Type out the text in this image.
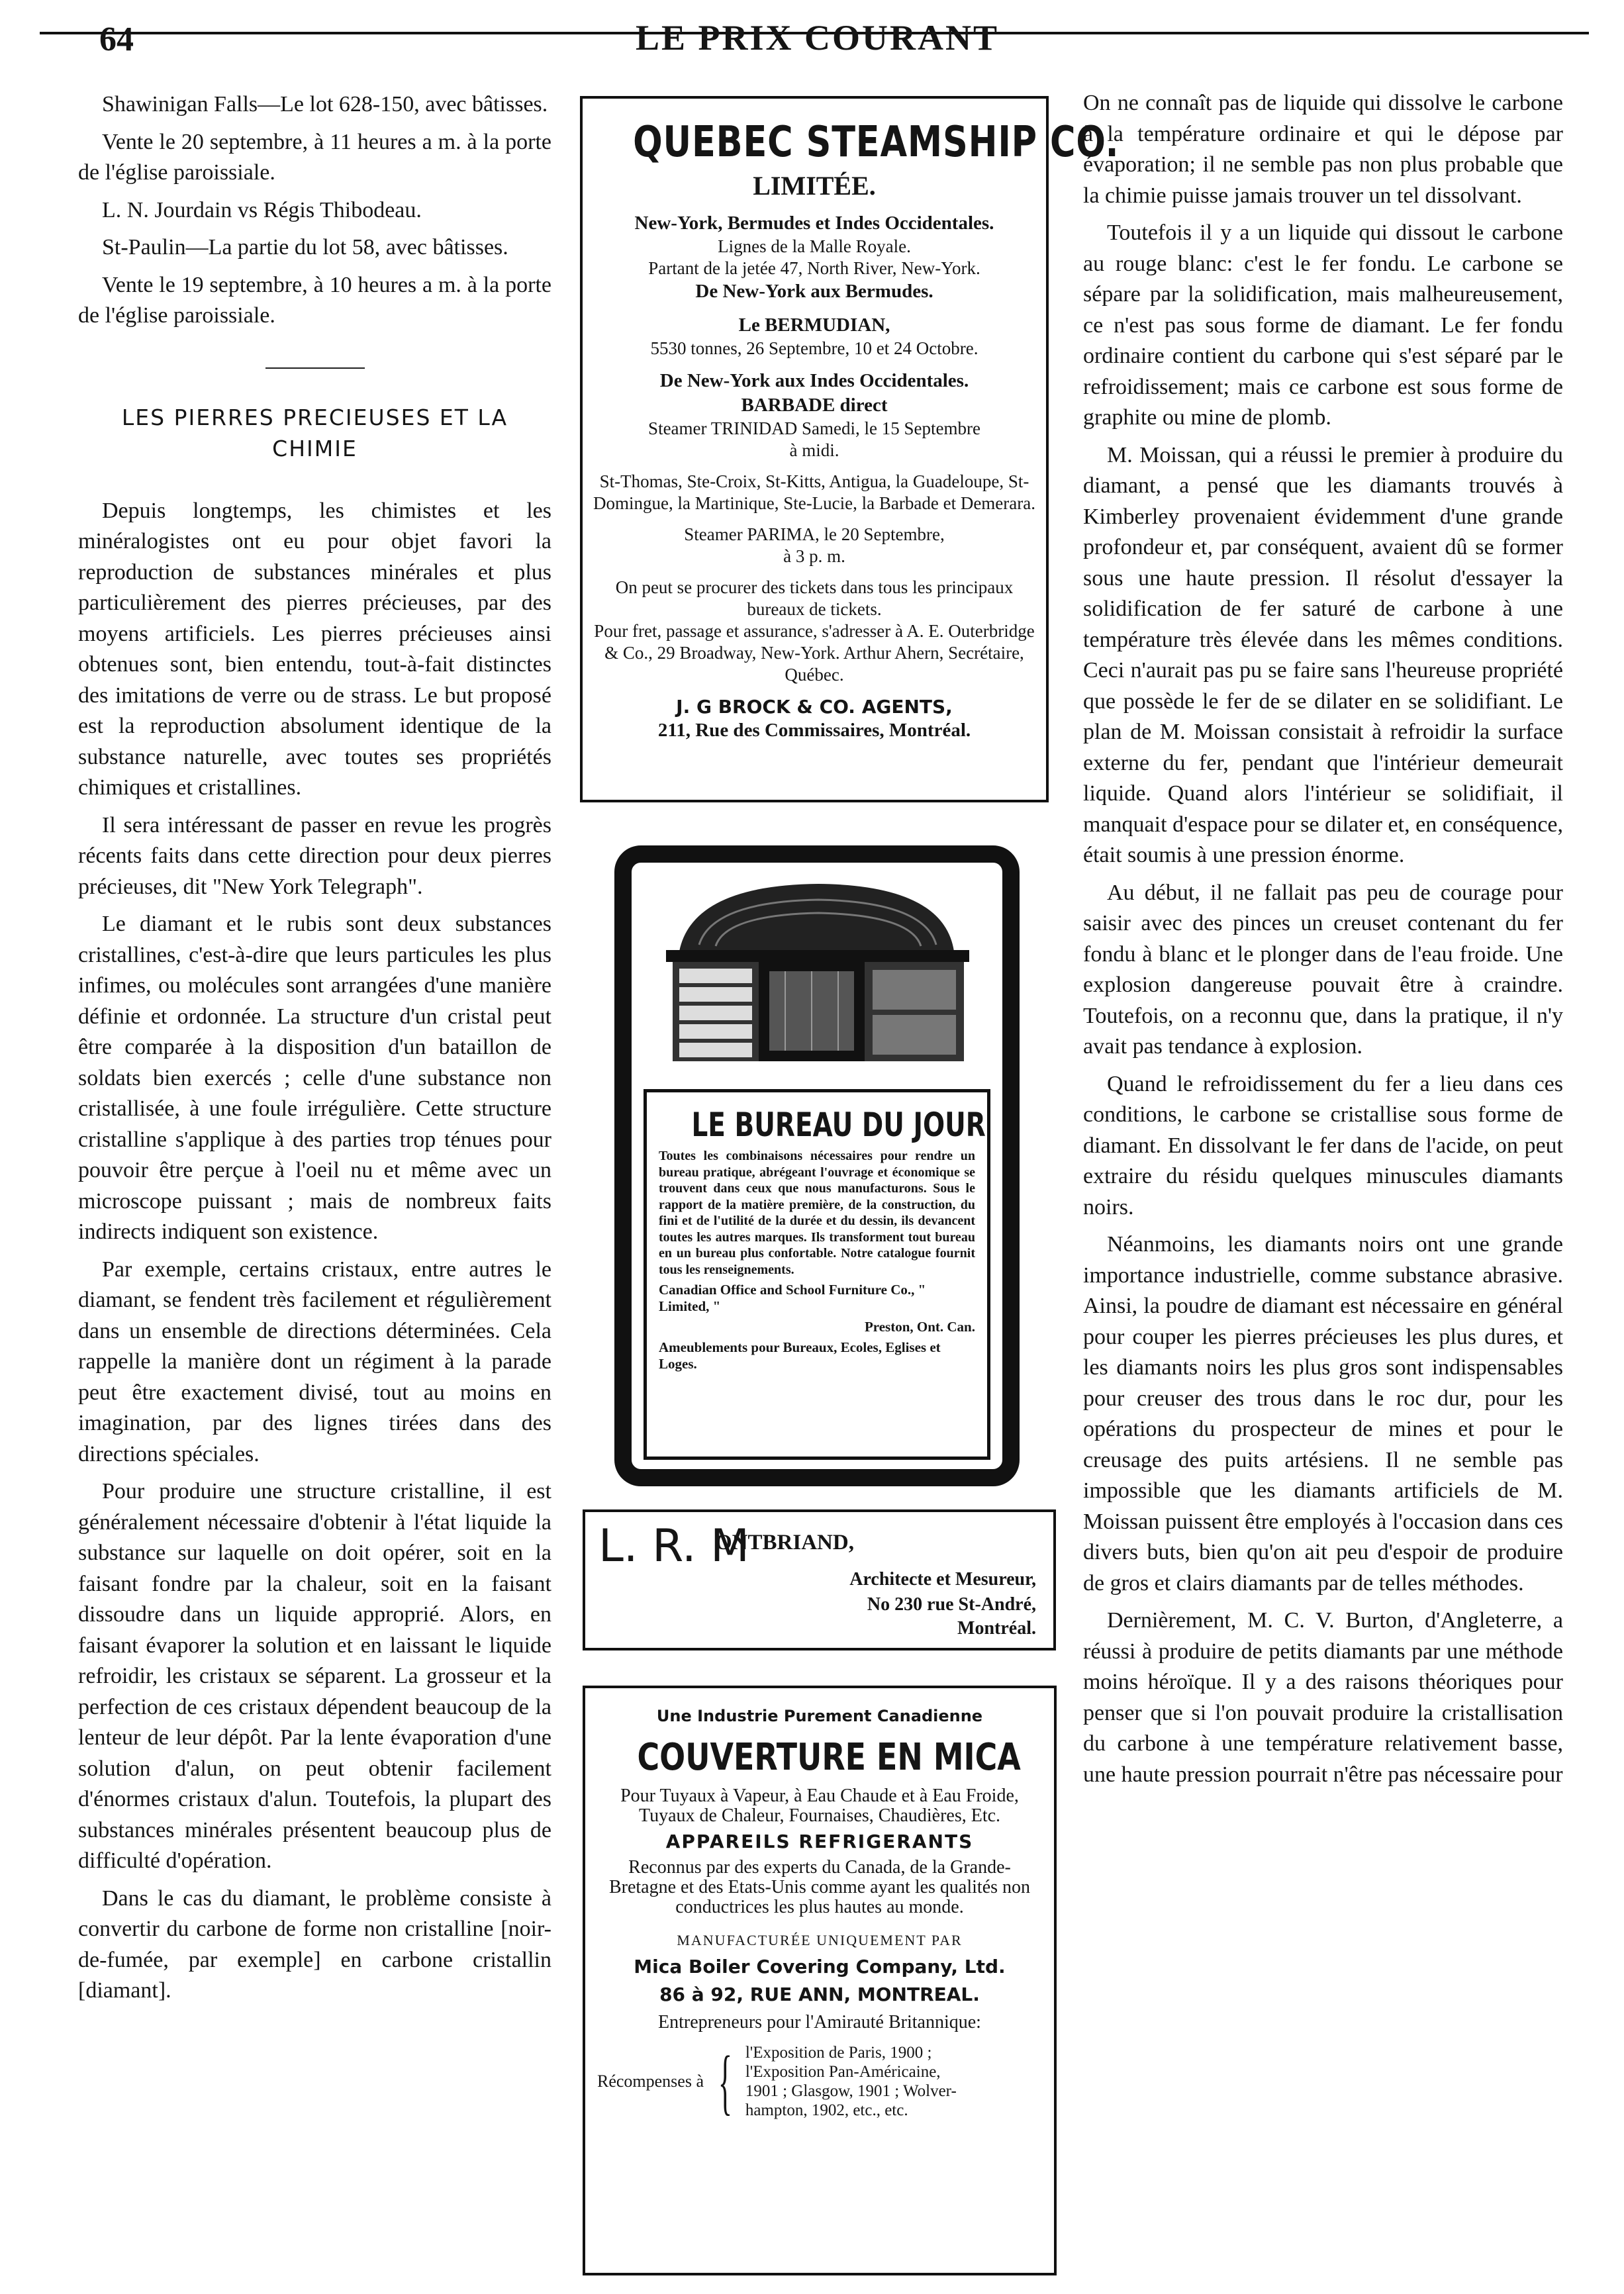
64	LE PRIX COURANT

Shawinigan Falls—Le lot 628-150, avec bâtisses.

Vente le 20 septembre, à 11 heures a m. à la porte de l'église paroissiale.

L. N. Jourdain vs Régis Thibodeau.

St-Paulin—La partie du lot 58, avec bâtisses.

Vente le 19 septembre, à 10 heures a m. à la porte de l'église paroissiale.

LES PIERRES PRECIEUSES ET LA CHIMIE

Depuis longtemps, les chimistes et les minéralogistes ont eu pour objet favori la reproduction de substances minérales et plus particulièrement des pierres précieuses, par des moyens artificiels. Les pierres précieuses ainsi obtenues sont, bien entendu, tout-à-fait distinctes des imitations de verre ou de strass. Le but proposé est la reproduction absolument identique de la substance naturelle, avec toutes ses propriétés chimiques et cristallines.

Il sera intéressant de passer en revue les progrès récents faits dans cette direction pour deux pierres précieuses, dit "New York Telegraph".

Le diamant et le rubis sont deux substances cristallines, c'est-à-dire que leurs particules les plus infimes, ou molécules sont arrangées d'une manière définie et ordonnée. La structure d'un cristal peut être comparée à la disposition d'un bataillon de soldats bien exercés ; celle d'une substance non cristallisée, à une foule irrégulière. Cette structure cristalline s'applique à des parties trop ténues pour pouvoir être perçue à l'oeil nu et même avec un microscope puissant ; mais de nombreux faits indirects indiquent son existence.

Par exemple, certains cristaux, entre autres le diamant, se fendent très facilement et régulièrement dans un ensemble de directions déterminées. Cela rappelle la manière dont un régiment à la parade peut être exactement divisé, tout au moins en imagination, par des lignes tirées dans des directions spéciales.

Pour produire une structure cristalline, il est généralement nécessaire d'obtenir à l'état liquide la substance sur laquelle on doit opérer, soit en la faisant fondre par la chaleur, soit en la faisant dissoudre dans un liquide approprié. Alors, en faisant évaporer la solution et en laissant le liquide refroidir, les cristaux se séparent. La grosseur et la perfection de ces cristaux dépendent beaucoup de la lenteur de leur dépôt. Par la lente évaporation d'une solution d'alun, on peut obtenir facilement d'énormes cristaux d'alun. Toutefois, la plupart des substances minérales présentent beaucoup plus de difficulté d'opération.

Dans le cas du diamant, le problème consiste à convertir du carbone de forme non cristalline [noir-de-fumée, par exemple] en carbone cristallin [diamant].

On ne connaît pas de liquide qui dissolve le carbone à la température ordinaire et qui le dépose par évaporation; il ne semble pas non plus probable que la chimie puisse jamais trouver un tel dissolvant.

Toutefois il y a un liquide qui dissout le carbone au rouge blanc: c'est le fer fondu. Le carbone se sépare par la solidification, mais malheureusement, ce n'est pas sous forme de diamant. Le fer fondu ordinaire contient du carbone qui s'est séparé par le refroidissement; mais ce carbone est sous forme de graphite ou mine de plomb.

M. Moissan, qui a réussi le premier à produire du diamant, a pensé que les diamants trouvés à Kimberley provenaient évidemment d'une grande profondeur et, par conséquent, avaient dû se former sous une haute pression. Il résolut d'essayer la solidification de fer saturé de carbone à une température très élevée dans les mêmes conditions. Ceci n'aurait pas pu se faire sans l'heureuse propriété que possède le fer de se dilater en se solidifiant. Le plan de M. Moissan consistait à refroidir la surface externe du fer, pendant que l'intérieur demeurait liquide. Quand alors l'intérieur se solidifiait, il manquait d'espace pour se dilater et, en conséquence, était soumis à une pression énorme.

Au début, il ne fallait pas peu de courage pour saisir avec des pinces un creuset contenant du fer fondu à blanc et le plonger dans de l'eau froide. Une explosion dangereuse pouvait être à craindre. Toutefois, on a reconnu que, dans la pratique, il n'y avait pas tendance à explosion.

Quand le refroidissement du fer a lieu dans ces conditions, le carbone se cristallise sous forme de diamant. En dissolvant le fer dans de l'acide, on peut extraire du résidu quelques minuscules diamants noirs.

Néanmoins, les diamants noirs ont une grande importance industrielle, comme substance abrasive. Ainsi, la poudre de diamant est nécessaire en général pour couper les pierres précieuses les plus dures, et les diamants noirs les plus gros sont indispensables pour creuser des trous dans le roc dur, pour les opérations du prospecteur de mines et pour le creusage des puits artésiens. Il ne semble pas impossible que les diamants artificiels de M. Moissan puissent être employés à l'occasion dans ces divers buts, bien qu'on ait peu d'espoir de produire de gros et clairs diamants par de telles méthodes.

Dernièrement, M. C. V. Burton, d'Angleterre, a réussi à produire de petits diamants par une méthode moins héroïque. Il y a des raisons théoriques pour penser que si l'on pouvait produire la cristallisation du carbone à une température relativement basse, une haute pression pourrait n'être pas nécessaire pour

QUEBEC STEAMSHIP CO.
LIMITÉE.
New-York, Bermudes et Indes Occidentales.
Lignes de la Malle Royale.
Partant de la jetée 47, North River, New-York.
De New-York aux Bermudes.
Le BERMUDIAN,
5530 tonnes, 26 Septembre, 10 et 24 Octobre.
De New-York aux Indes Occidentales.
BARBADE direct
Steamer TRINIDAD Samedi, le 15 Septembre
à midi.
St-Thomas, Ste-Croix, St-Kitts, Antigua, la Guadeloupe, St-Domingue, la Martinique, Ste-Lucie, la Barbade et Demerara.
Steamer PARIMA, le 20 Septembre,
à 3 p. m.
On peut se procurer des tickets dans tous les principaux bureaux de tickets.
Pour fret, passage et assurance, s'adresser à A. E. Outerbridge & Co., 29 Broadway, New-York. Arthur Ahern, Secrétaire, Québec.
J. G BROCK & CO. AGENTS,
211, Rue des Commissaires, Montréal.
LE BUREAU DU JOUR
Toutes les combinaisons nécessaires pour rendre un bureau pratique, abrégeant l'ouvrage et économique se trouvent dans ceux que nous manufacturons. Sous le rapport de la matière première, de la construction, du fini et de l'utilité de la durée et du dessin, ils devancent toutes les autres marques. Ils transforment tout bureau en un bureau plus confortable. Notre catalogue fournit tous les renseignements.
Canadian Office and School Furniture Co., " Limited, "
Preston, Ont. Can.
Ameublements pour Bureaux, Ecoles, Eglises et Loges.
L. R. M
ONTBRIAND,
Architecte et Mesureur,
No 230 rue St-André,
Montréal.
Une Industrie Purement Canadienne
COUVERTURE EN MICA
Pour Tuyaux à Vapeur, à Eau Chaude et à Eau Froide, Tuyaux de Chaleur, Fournaises, Chaudières, Etc.
APPAREILS REFRIGERANTS
Reconnus par des experts du Canada, de la Grande-Bretagne et des Etats-Unis comme ayant les qualités non conductrices les plus hautes au monde.
MANUFACTURÉE UNIQUEMENT PAR
Mica Boiler Covering Company, Ltd.
86 à 92, RUE ANN, MONTREAL.
Entrepreneurs pour l'Amirauté Britannique:
Récompenses à { l'Exposition de Paris, 1900 ;
l'Exposition Pan-Américaine,
1901 ; Glasgow, 1901 ; Wolver-
hampton, 1902, etc., etc.
